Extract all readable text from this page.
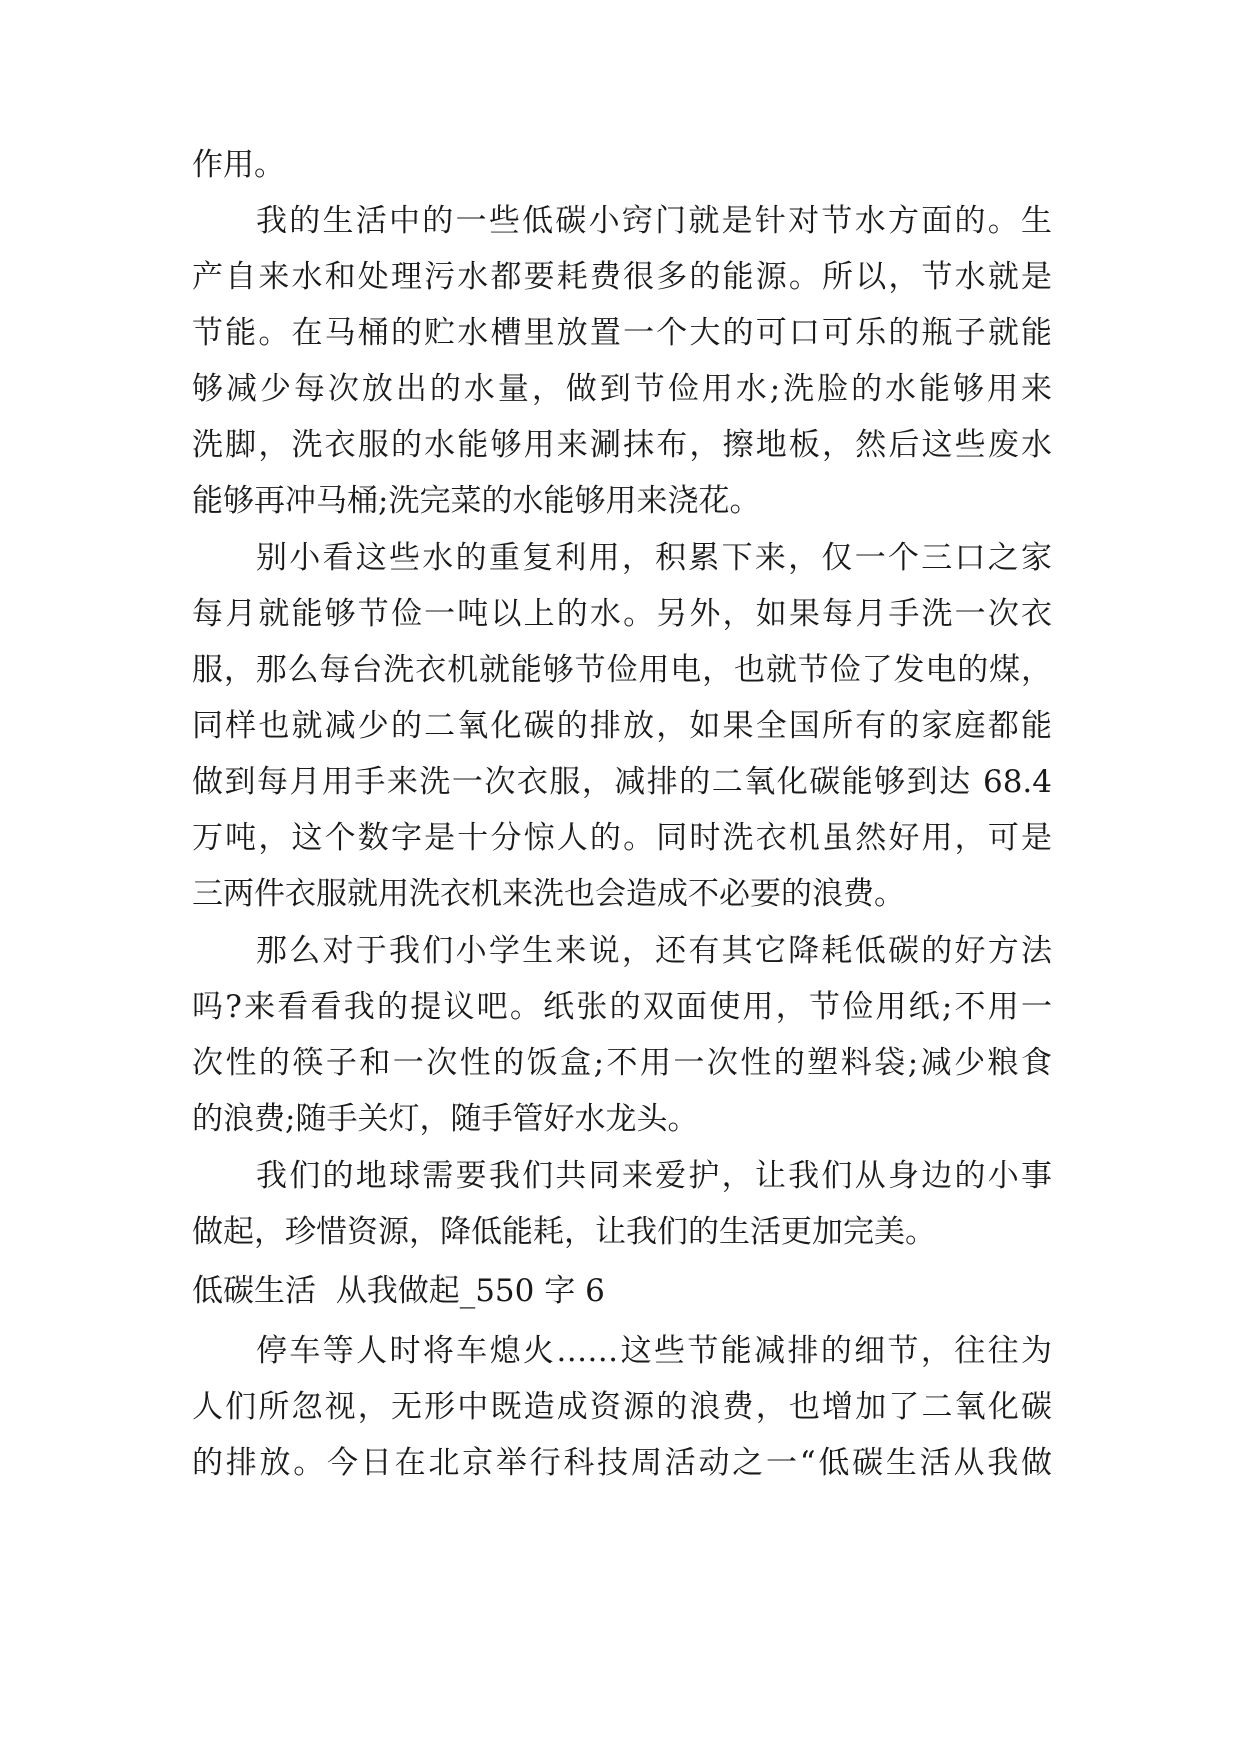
作用。
我的生活中的一些低碳小窍门就是针对节水方面的。生
产自来水和处理污水都要耗费很多的能源。所以，节水就是
节能。在马桶的贮水槽里放置一个大的可口可乐的瓶子就能
够减少每次放出的水量，做到节俭用水;洗脸的水能够用来
洗脚，洗衣服的水能够用来涮抹布，擦地板，然后这些废水
能够再冲马桶;洗完菜的水能够用来浇花。
别小看这些水的重复利用，积累下来，仅一个三口之家
每月就能够节俭一吨以上的水。另外，如果每月手洗一次衣
服，那么每台洗衣机就能够节俭用电，也就节俭了发电的煤，
同样也就减少的二氧化碳的排放，如果全国所有的家庭都能
做到每月用手来洗一次衣服，减排的二氧化碳能够到达 68.4
万吨，这个数字是十分惊人的。同时洗衣机虽然好用，可是
三两件衣服就用洗衣机来洗也会造成不必要的浪费。
那么对于我们小学生来说，还有其它降耗低碳的好方法
吗?来看看我的提议吧。纸张的双面使用，节俭用纸;不用一
次性的筷子和一次性的饭盒;不用一次性的塑料袋;减少粮食
的浪费;随手关灯，随手管好水龙头。
我们的地球需要我们共同来爱护，让我们从身边的小事
做起，珍惜资源，降低能耗，让我们的生活更加完美。
低碳生活  从我做起_550 字 6
停车等人时将车熄火……这些节能减排的细节，往往为
人们所忽视，无形中既造成资源的浪费，也增加了二氧化碳
的排放。今日在北京举行科技周活动之一“低碳生活从我做
